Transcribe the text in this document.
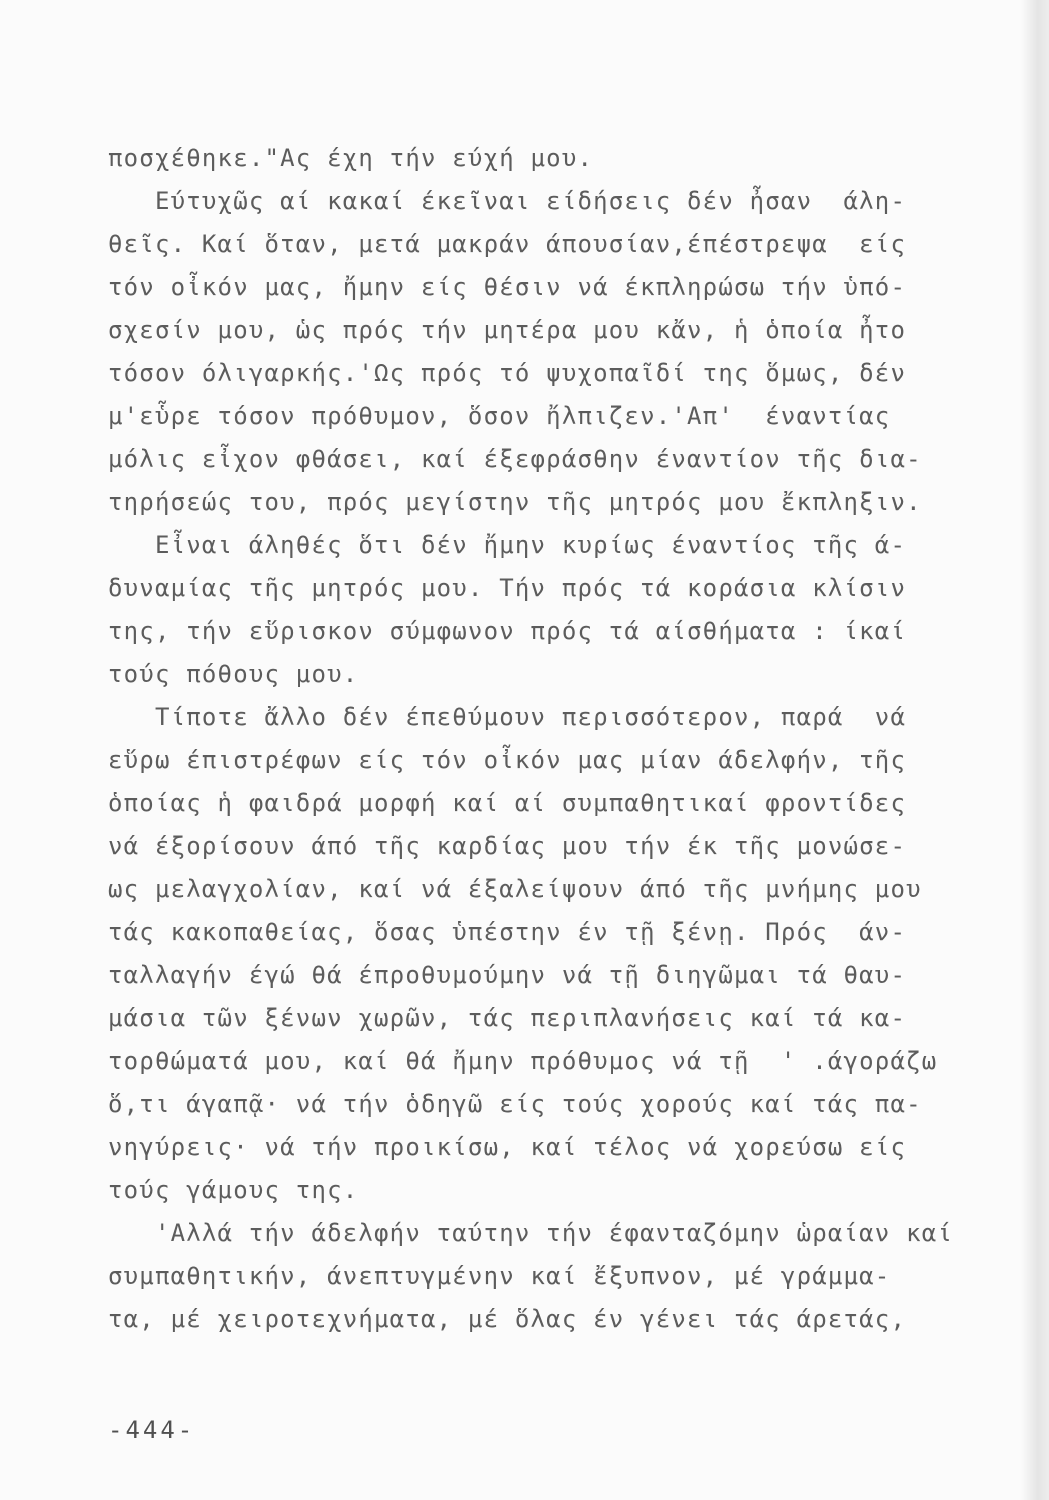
ποσχέθηκε."Ας έχη τήν εύχή μου.
Εύτυχῶς αί κακαί έκεῖναι είδήσεις δέν ἦσαν  άλη-
θεῖς. Καί ὅταν, μετά μακράν άπουσίαν,έπέστρεψα  είς
τόν οἶκόν μας, ἤμην είς θέσιν νά έκπληρώσω τήν ὑπό-
σχεσίν μου, ὡς πρός τήν μητέρα μου κἄν, ἡ ὁποία ἦτο
τόσον όλιγαρκής.'Ως πρός τό ψυχοπαῖδί της ὅμως, δέν
μ'εὗρε τόσον πρόθυμον, ὅσον ἤλπιζεν.'Απ'  έναντίας
μόλις εἶχον φθάσει, καί έξεφράσθην έναντίον τῆς δια-
τηρήσεώς του, πρός μεγίστην τῆς μητρός μου ἔκπληξιν.
Εἶναι άληθές ὅτι δέν ἤμην κυρίως έναντίος τῆς ά-
δυναμίας τῆς μητρός μου. Τήν πρός τά κοράσια κλίσιν
της, τήν εὕρισκον σύμφωνον πρός τά αίσθήματα : ίκαί
τούς πόθους μου.
Τίποτε ἄλλο δέν έπεθύμουν περισσότερον, παρά  νά
εὕρω έπιστρέφων είς τόν οἶκόν μας μίαν άδελφήν, τῆς
ὁποίας ἡ φαιδρά μορφή καί αί συμπαθητικαί φροντίδες
νά έξορίσουν άπό τῆς καρδίας μου τήν έκ τῆς μονώσε-
ως μελαγχολίαν, καί νά έξαλείψουν άπό τῆς μνήμης μου
τάς κακοπαθείας, ὅσας ὑπέστην έν τῇ ξένῃ. Πρός  άν-
ταλλαγήν έγώ θά έπροθυμούμην νά τῇ διηγῶμαι τά θαυ-
μάσια τῶν ξένων χωρῶν, τάς περιπλανήσεις καί τά κα-
τορθώματά μου, καί θά ἤμην πρόθυμος νά τῇ  ' .άγοράζω
ὅ,τι άγαπᾷ· νά τήν ὁδηγῶ είς τούς χορούς καί τάς πα-
νηγύρεις· νά τήν προικίσω, καί τέλος νά χορεύσω είς
τούς γάμους της.
'Αλλά τήν άδελφήν ταύτην τήν έφανταζόμην ὡραίαν καί
συμπαθητικήν, άνεπτυγμένην καί ἔξυπνον, μέ γράμμα-
τα, μέ χειροτεχνήματα, μέ ὅλας έν γένει τάς άρετάς,
-444-
